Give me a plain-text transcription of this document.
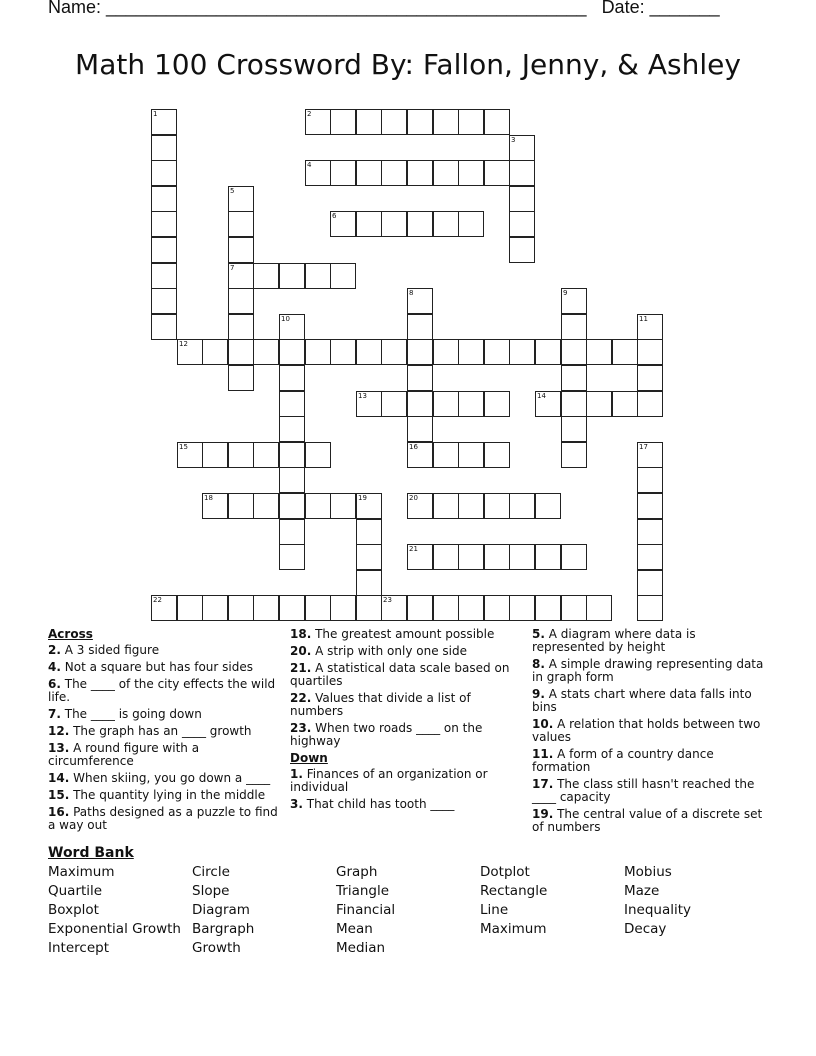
Name: ________________________________________________ Date: _______
Math 100 Crossword By: Fallon, Jenny, & Ashley
1	2
3
4
5
7
6
8
16
9
10	11
12
13	14
15	17
18	19	20
21
22	23
Across
2. A 3 sided figure
4. Not a square but has four sides
6. The ____ of the city effects the wild life.
7. The ____ is going down
12. The graph has an ____ growth
13. A round figure with a circumference
14. When skiing, you go down a ____
15. The quantity lying in the middle
16. Paths designed as a puzzle to find a way out
18. The greatest amount possible
20. A strip with only one side
21. A statistical data scale based on quartiles
22. Values that divide a list of numbers
23. When two roads ____ on the highway
Down
1. Finances of an organization or individual
3. That child has tooth ____
5. A diagram where data is represented by height
8. A simple drawing representing data in graph form
9. A stats chart where data falls into bins
10. A relation that holds between two values
11. A form of a country dance formation
17. The class still hasn't reached the ____ capacity
19. The central value of a discrete set of numbers
Word Bank
Maximum
Quartile
Boxplot
Exponential Growth
Intercept
Circle
Slope
Diagram
Bargraph
Growth
Graph
Triangle
Financial
Mean
Median
Dotplot
Rectangle
Line
Maximum
Mobius
Maze
Inequality
Decay
